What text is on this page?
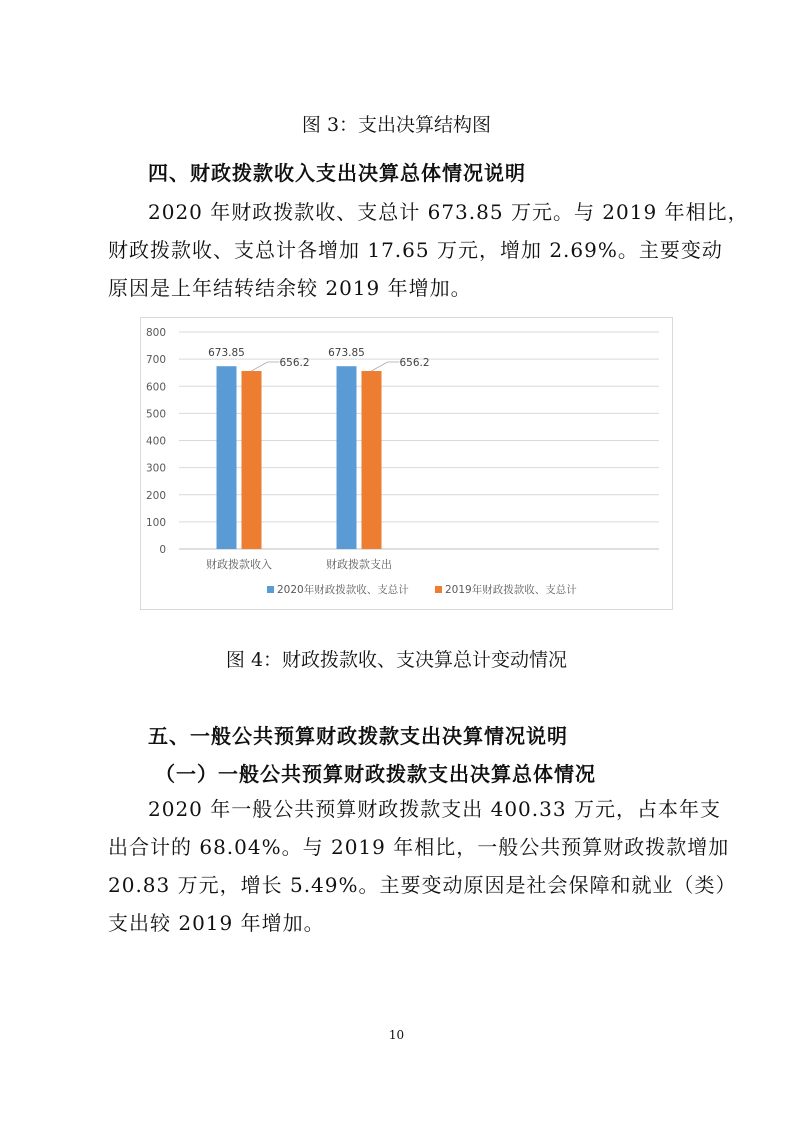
图 3：支出决算结构图
四、财政拨款收入支出决算总体情况说明

2020 年财政拨款收、支总计 673.85 万元。与 2019 年相比，
财政拨款收、支总计各增加 17.65 万元，增加 2.69%。主要变动
原因是上年结转结余较 2019 年增加。

0
100
200
300
400
500
600
700
800
673.85
656.2
财政拨款收入
673.85
656.2
财政拨款支出
2020年财政拨款收、支总计	2019年财政拨款收、支总计
图 4：财政拨款收、支决算总计变动情况
五、一般公共预算财政拨款支出决算情况说明
（一）一般公共预算财政拨款支出决算总体情况

2020 年一般公共预算财政拨款支出 400.33 万元，占本年支
出合计的 68.04%。与 2019 年相比，一般公共预算财政拨款增加
20.83 万元，增长 5.49%。主要变动原因是社会保障和就业（类）
支出较 2019 年增加。

10
